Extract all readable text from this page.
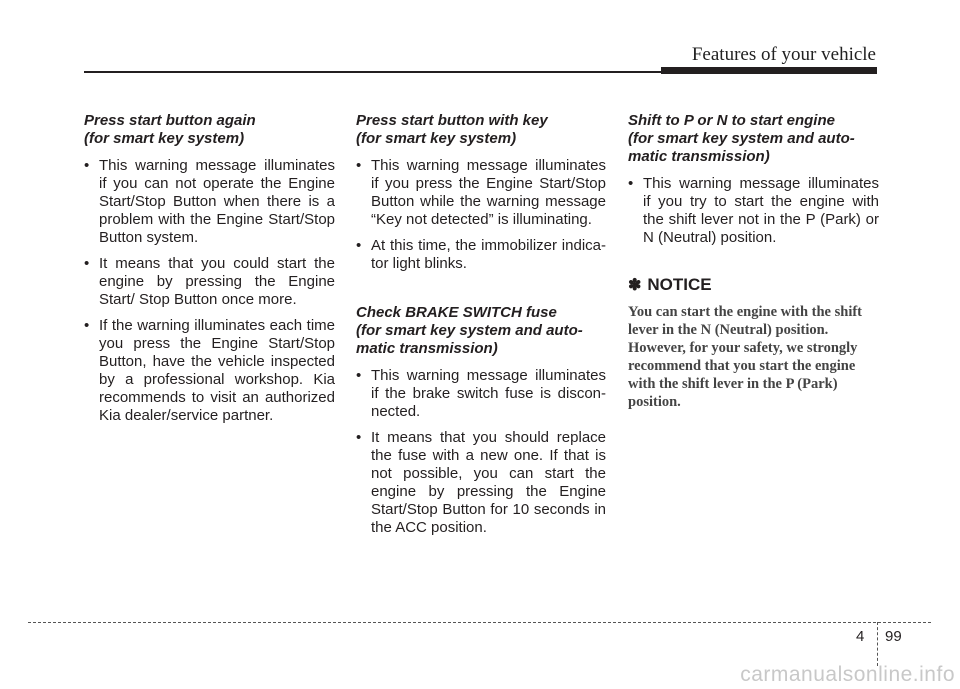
Features of your vehicle
Press start button again
(for smart key system)
• This warning message illuminates if you can not operate the Engine Start/Stop Button when there is a problem with the Engine Start/Stop Button system.
• It means that you could start the engine by pressing the Engine Start/ Stop Button once more.
• If the warning illuminates each time you press the Engine Start/Stop Button, have the vehicle inspected by a professional workshop. Kia recommends to visit an authorized Kia dealer/service partner.
Press start button with key
(for smart key system)
• This warning message illuminates if you press the Engine Start/Stop Button while the warning message “Key not detected” is illuminating.
• At this time, the immobilizer indica- tor light blinks.
Check BRAKE SWITCH fuse
(for smart key system and auto-
matic transmission)
• This warning message illuminates if the brake switch fuse is discon- nected.
• It means that you should replace the fuse with a new one. If that is not possible, you can start the engine by pressing the Engine Start/Stop Button for 10 seconds in the ACC position.
Shift to P or N to start engine
(for smart key system and auto-
matic transmission)
• This warning message illuminates if you try to start the engine with the shift lever not in the P (Park) or N (Neutral) position.
✽ NOTICE
You can start the engine with the shift lever in the N (Neutral) position. However, for your safety, we strongly recommend that you start the engine with the shift lever in the P (Park) position.
4 99
carmanualsonline.info
